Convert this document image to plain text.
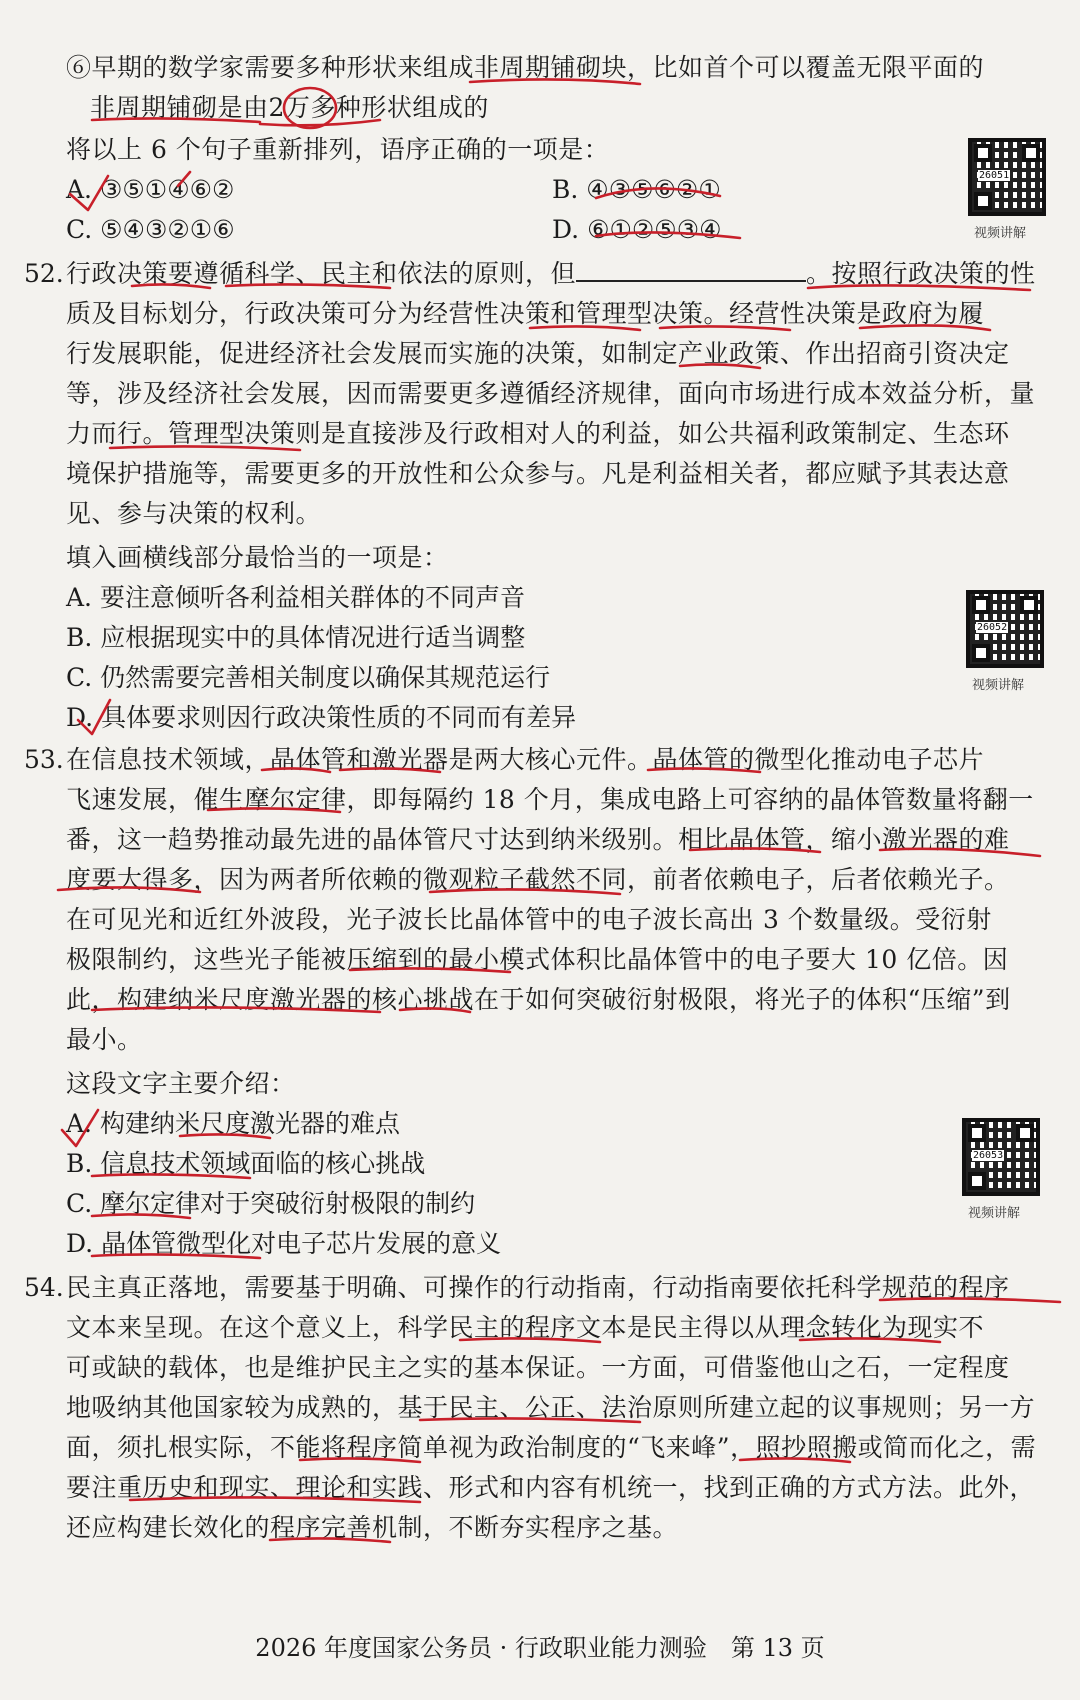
⑥早期的数学家需要多种形状来组成非周期铺砌块，比如首个可以覆盖无限平面的
非周期铺砌是由2万多种形状组成的
将以上 6 个句子重新排列，语序正确的一项是：
A. ③⑤①④⑥②	B. ④③⑤⑥②①
C. ⑤④③②①⑥	D. ⑥①②⑤③④
26051
视频讲解
52. 行政决策要遵循科学、民主和依法的原则，但	。按照行政决策的性
质及目标划分，行政决策可分为经营性决策和管理型决策。经营性决策是政府为履
行发展职能，促进经济社会发展而实施的决策，如制定产业政策、作出招商引资决定
等，涉及经济社会发展，因而需要更多遵循经济规律，面向市场进行成本效益分析，量
力而行。管理型决策则是直接涉及行政相对人的利益，如公共福利政策制定、生态环
境保护措施等，需要更多的开放性和公众参与。凡是利益相关者，都应赋予其表达意
见、参与决策的权利。
填入画横线部分最恰当的一项是：
A. 要注意倾听各利益相关群体的不同声音
B. 应根据现实中的具体情况进行适当调整
C. 仍然需要完善相关制度以确保其规范运行
D. 具体要求则因行政决策性质的不同而有差异
26052
视频讲解
53. 在信息技术领域，晶体管和激光器是两大核心元件。晶体管的微型化推动电子芯片
飞速发展，催生摩尔定律，即每隔约 18 个月，集成电路上可容纳的晶体管数量将翻一
番，这一趋势推动最先进的晶体管尺寸达到纳米级别。相比晶体管，缩小激光器的难
度要大得多，因为两者所依赖的微观粒子截然不同，前者依赖电子，后者依赖光子。
在可见光和近红外波段，光子波长比晶体管中的电子波长高出 3 个数量级。受衍射
极限制约，这些光子能被压缩到的最小模式体积比晶体管中的电子要大 10 亿倍。因
此，构建纳米尺度激光器的核心挑战在于如何突破衍射极限，将光子的体积“压缩”到
最小。
这段文字主要介绍：
A. 构建纳米尺度激光器的难点
B. 信息技术领域面临的核心挑战
C. 摩尔定律对于突破衍射极限的制约
D. 晶体管微型化对电子芯片发展的意义
26053
视频讲解
54. 民主真正落地，需要基于明确、可操作的行动指南，行动指南要依托科学规范的程序
文本来呈现。在这个意义上，科学民主的程序文本是民主得以从理念转化为现实不
可或缺的载体，也是维护民主之实的基本保证。一方面，可借鉴他山之石，一定程度
地吸纳其他国家较为成熟的，基于民主、公正、法治原则所建立起的议事规则；另一方
面，须扎根实际，不能将程序简单视为政治制度的“飞来峰”，照抄照搬或简而化之，需
要注重历史和现实、理论和实践、形式和内容有机统一，找到正确的方式方法。此外，
还应构建长效化的程序完善机制，不断夯实程序之基。
2026 年度国家公务员 · 行政职业能力测验　第 13 页
